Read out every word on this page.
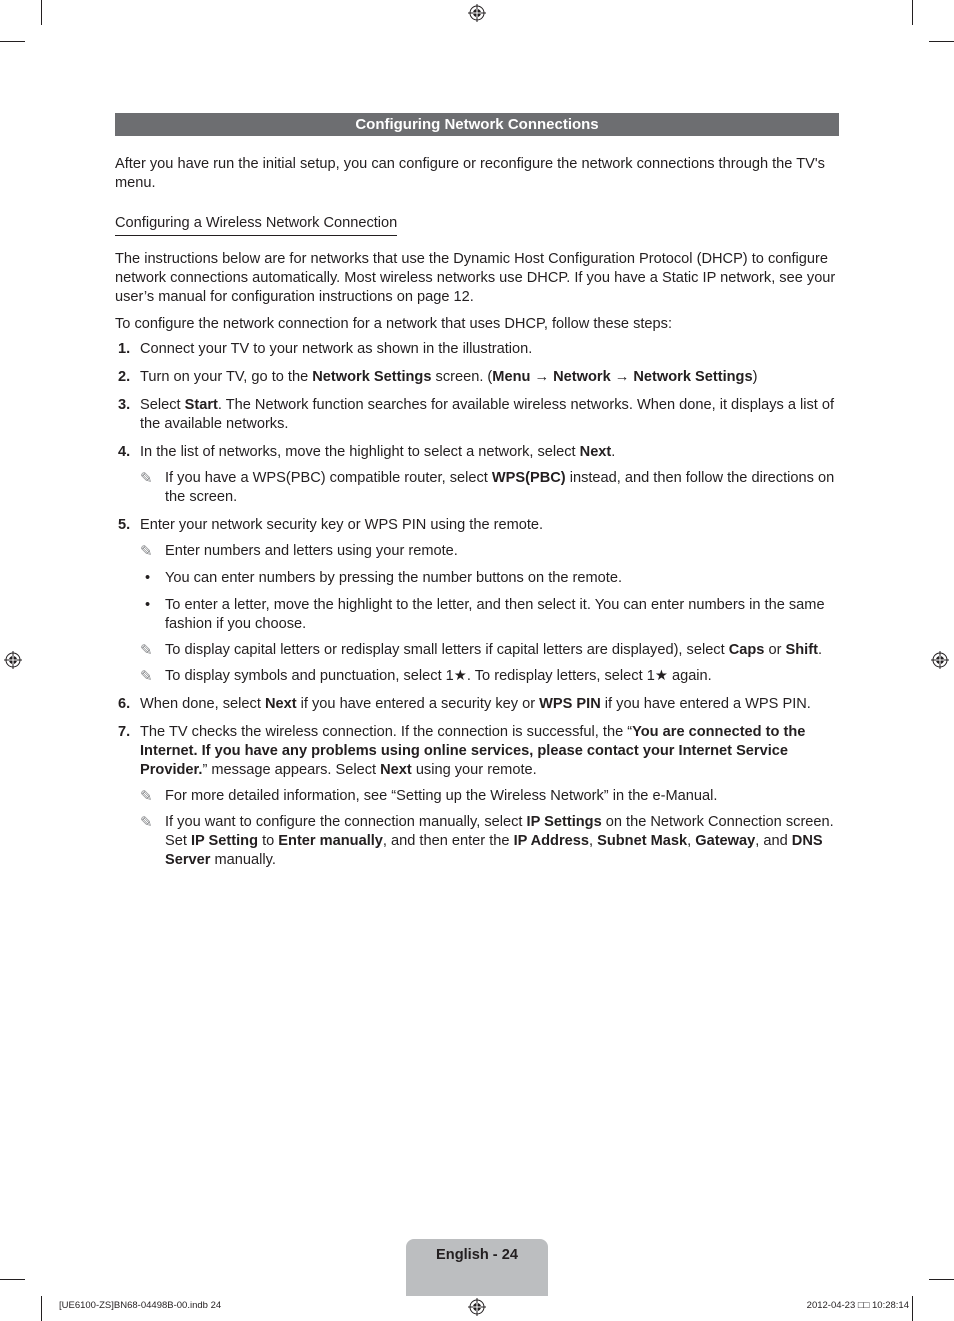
Configuring Network Connections

After you have run the initial setup, you can configure or reconfigure the network connections through the TV's menu.

Configuring a Wireless Network Connection

The instructions below are for networks that use the Dynamic Host Configuration Protocol (DHCP) to configure network connections automatically. Most wireless networks use DHCP. If you have a Static IP network, see your user’s manual for configuration instructions on page 12.

To configure the network connection for a network that uses DHCP, follow these steps:

1. Connect your TV to your network as shown in the illustration.
2. Turn on your TV, go to the Network Settings screen. (Menu → Network → Network Settings)
3. Select Start. The Network function searches for available wireless networks. When done, it displays a list of the available networks.
4. In the list of networks, move the highlight to select a network, select Next.
✎ If you have a WPS(PBC) compatible router, select WPS(PBC) instead, and then follow the directions on the screen.
5. Enter your network security key or WPS PIN using the remote.
✎ Enter numbers and letters using your remote.
• You can enter numbers by pressing the number buttons on the remote.
• To enter a letter, move the highlight to the letter, and then select it. You can enter numbers in the same fashion if you choose.
✎ To display capital letters or redisplay small letters if capital letters are displayed), select Caps or Shift.
✎ To display symbols and punctuation, select 1★. To redisplay letters, select 1★ again.
6. When done, select Next if you have entered a security key or WPS PIN if you have entered a WPS PIN.
7. The TV checks the wireless connection. If the connection is successful, the “You are connected to the Internet. If you have any problems using online services, please contact your Internet Service Provider.” message appears. Select Next using your remote.
✎ For more detailed information, see “Setting up the Wireless Network” in the e-Manual.
✎ If you want to configure the connection manually, select IP Settings on the Network Connection screen. Set IP Setting to Enter manually, and then enter the IP Address, Subnet Mask, Gateway, and DNS Server manually.
English - 24
[UE6100-ZS]BN68-04498B-00.indb 24	2012-04-23 □□ 10:28:14
